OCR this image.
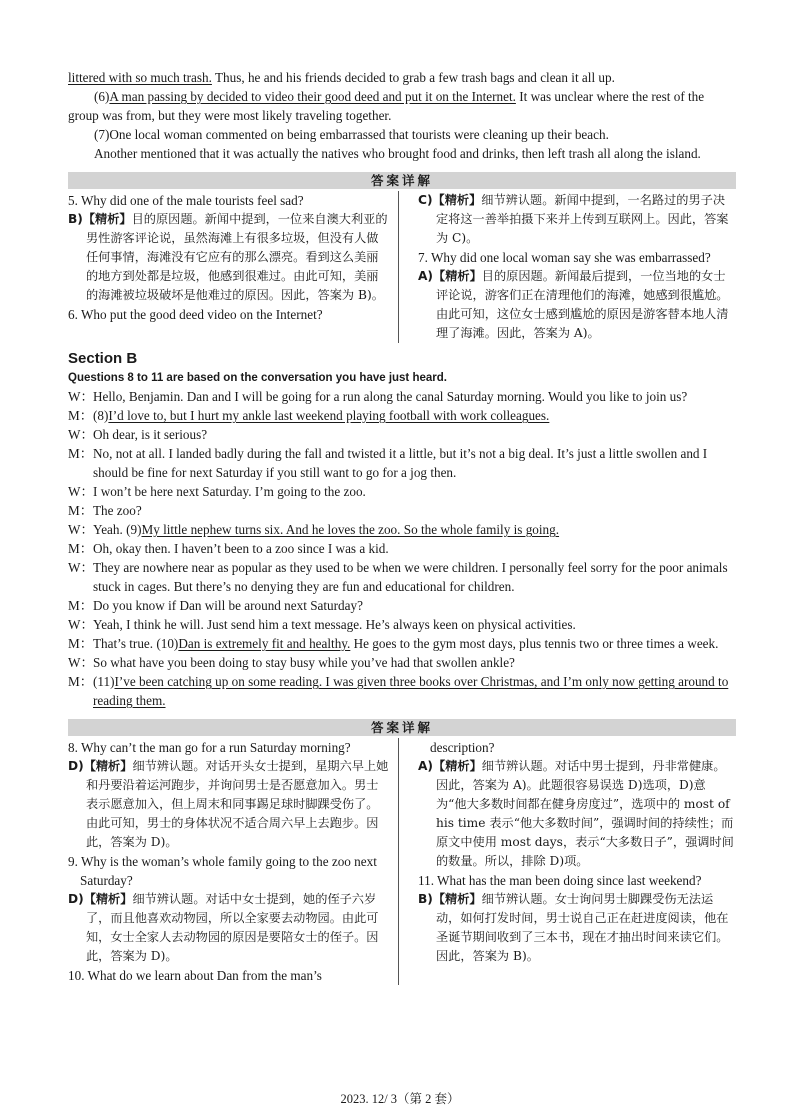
littered with so much trash. Thus, he and his friends decided to grab a few trash bags and clean it all up.

(6)A man passing by decided to video their good deed and put it on the Internet. It was unclear where the rest of the group was from, but they were most likely traveling together.

(7)One local woman commented on being embarrassed that tourists were cleaning up their beach.

Another mentioned that it was actually the natives who brought food and drinks, then left trash all along the island.

答案详解

5. Why did one of the male tourists feel sad?

B)【精析】目的原因题。新闻中提到，一位来自澳大利亚的男性游客评论说，虽然海滩上有很多垃圾，但没有人做任何事情，海滩没有它应有的那么漂亮。看到这么美丽的地方到处都是垃圾，他感到很难过。由此可知，美丽的海滩被垃圾破坏是他难过的原因。因此，答案为 B)。

6. Who put the good deed video on the Internet?

C)【精析】细节辨认题。新闻中提到，一名路过的男子决定将这一善举拍摄下来并上传到互联网上。因此，答案为 C)。

7. Why did one local woman say she was embarrassed?

A)【精析】目的原因题。新闻最后提到，一位当地的女士评论说，游客们正在清理他们的海滩，她感到很尴尬。由此可知，这位女士感到尴尬的原因是游客替本地人清理了海滩。因此，答案为 A)。

Section B
Questions 8 to 11 are based on the conversation you have just heard.

W：Hello, Benjamin. Dan and I will be going for a run along the canal Saturday morning. Would you like to join us?

M：(8)I’d love to, but I hurt my ankle last weekend playing football with work colleagues.

W：Oh dear, is it serious?

M：No, not at all. I landed badly during the fall and twisted it a little, but it’s not a big deal. It’s just a little swollen and I should be fine for next Saturday if you still want to go for a jog then.

W：I won’t be here next Saturday. I’m going to the zoo.

M：The zoo?

W：Yeah. (9)My little nephew turns six. And he loves the zoo. So the whole family is going.

M：Oh, okay then. I haven’t been to a zoo since I was a kid.

W：They are nowhere near as popular as they used to be when we were children. I personally feel sorry for the poor animals stuck in cages. But there’s no denying they are fun and educational for children.

M：Do you know if Dan will be around next Saturday?

W：Yeah, I think he will. Just send him a text message. He’s always keen on physical activities.

M：That’s true. (10)Dan is extremely fit and healthy. He goes to the gym most days, plus tennis two or three times a week.

W：So what have you been doing to stay busy while you’ve had that swollen ankle?

M：(11)I’ve been catching up on some reading. I was given three books over Christmas, and I’m only now getting around to reading them.

答案详解

8. Why can’t the man go for a run Saturday morning?

D)【精析】细节辨认题。对话开头女士提到，星期六早上她和丹要沿着运河跑步，并询问男士是否愿意加入。男士表示愿意加入，但上周末和同事踢足球时脚踝受伤了。由此可知，男士的身体状况不适合周六早上去跑步。因此，答案为 D)。

9. Why is the woman’s whole family going to the zoo next Saturday?

D)【精析】细节辨认题。对话中女士提到，她的侄子六岁了，而且他喜欢动物园，所以全家要去动物园。由此可知，女士全家人去动物园的原因是要陪女士的侄子。因此，答案为 D)。

10. What do we learn about Dan from the man’s

description?

A)【精析】细节辨认题。对话中男士提到，丹非常健康。因此，答案为 A)。此题很容易误选 D)选项，D)意为“他大多数时间都在健身房度过”，选项中的 most of his time 表示“他大多数时间”，强调时间的持续性；而原文中使用 most days，表示“大多数日子”，强调时间的数量。所以，排除 D)项。

11. What has the man been doing since last weekend?

B)【精析】细节辨认题。女士询问男士脚踝受伤无法运动，如何打发时间，男士说自己正在赶进度阅读，他在圣诞节期间收到了三本书，现在才抽出时间来读它们。因此，答案为 B)。

2023. 12/ 3（第 2 套）
